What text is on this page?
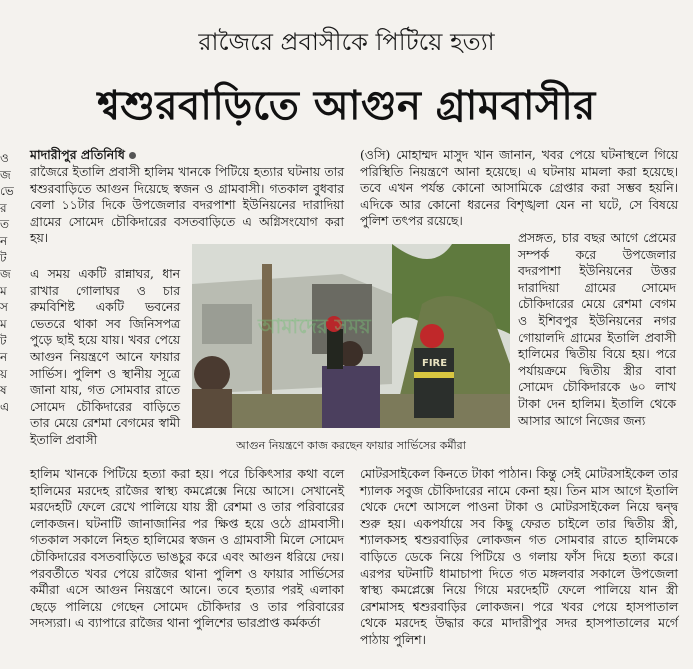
রাজৈরে প্রবাসীকে পিটিয়ে হত্যা
শ্বশুরবাড়িতে আগুন গ্রামবাসীর
মাদারীপুর প্রতিনিধি

রাজৈরে ইতালি প্রবাসী হালিম খানকে পিটিয়ে হত্যার ঘটনায় তার শ্বশুরবাড়িতে আগুন দিয়েছে স্বজন ও গ্রামবাসী। গতকাল বুধবার বেলা ১১টার দিকে উপজেলার বদরপাশা ইউনিয়নের দারাদিয়া গ্রামের সোমেদ চৌকিদারের বসতবাড়িতে এ অগ্নিসংযোগ করা হয়।

এ সময় একটি রান্নাঘর, ধান রাখার গোলাঘর ও চার রুমবিশিষ্ট একটি ভবনের ভেতরে থাকা সব জিনিসপত্র পুড়ে ছাই হয়ে যায়। খবর পেয়ে আগুন নিয়ন্ত্রণে আনে ফায়ার সার্ভিস। পুলিশ ও স্থানীয় সূত্রে জানা যায়, গত সোমবার রাতে সোমেদ চৌকিদারের বাড়িতে তার মেয়ে রেশমা বেগমের স্বামী ইতালি প্রবাসী

(ওসি) মোহাম্মদ মাসুদ খান জানান, খবর পেয়ে ঘটনাস্থলে গিয়ে পরিস্থিতি নিয়ন্ত্রণে আনা হয়েছে। এ ঘটনায় মামলা করা হয়েছে। তবে এখন পর্যন্ত কোনো আসামিকে গ্রেপ্তার করা সম্ভব হয়নি। এদিকে আর কোনো ধরনের বিশৃঙ্খলা যেন না ঘটে, সে বিষয়ে পুলিশ তৎপর রয়েছে।

প্রসঙ্গত, চার বছর আগে প্রেমের সম্পর্ক করে উপজেলার বদরপাশা ইউনিয়নের উত্তর দারাদিয়া গ্রামের সোমেদ চৌকিদারের মেয়ে রেশমা বেগম ও ইশিবপুর ইউনিয়নের নগর গোয়ালদি গ্রামের ইতালি প্রবাসী হালিমের দ্বিতীয় বিয়ে হয়। পরে পর্যায়ক্রমে দ্বিতীয় স্ত্রীর বাবা সোমেদ চৌকিদারকে ৬০ লাখ টাকা দেন হালিম। ইতালি থেকে আসার আগে নিজের জন্য

হালিম খানকে পিটিয়ে হত্যা করা হয়। পরে চিকিৎসার কথা বলে হালিমের মরদেহ রাজৈর স্বাস্থ্য কমপ্লেক্সে নিয়ে আসে। সেখানেই মরদেহটি ফেলে রেখে পালিয়ে যায় স্ত্রী রেশমা ও তার পরিবারের লোকজন। ঘটনাটি জানাজানির পর ক্ষিপ্ত হয়ে ওঠে গ্রামবাসী। গতকাল সকালে নিহত হালিমের স্বজন ও গ্রামবাসী মিলে সোমেদ চৌকিদারের বসতবাড়িতে ভাঙচুর করে এবং আগুন ধরিয়ে দেয়। পরবর্তীতে খবর পেয়ে রাজৈর থানা পুলিশ ও ফায়ার সার্ভিসের কর্মীরা এসে আগুন নিয়ন্ত্রণে আনে। তবে হত্যার পরই এলাকা ছেড়ে পালিয়ে গেছেন সোমেদ চৌকিদার ও তার পরিবারের সদস্যরা। এ ব্যাপারে রাজৈর থানা পুলিশের ভারপ্রাপ্ত কর্মকর্তা

মোটরসাইকেল কিনতে টাকা পাঠান। কিন্তু সেই মোটরসাইকেল তার শ্যালক সবুজ চৌকিদারের নামে কেনা হয়। তিন মাস আগে ইতালি থেকে দেশে আসলে পাওনা টাকা ও মোটরসাইকেল নিয়ে দ্বন্দ্ব শুরু হয়। একপর্যায়ে সব কিছু ফেরত চাইলে তার দ্বিতীয় স্ত্রী, শ্যালকসহ শ্বশুরবাড়ির লোকজন গত সোমবার রাতে হালিমকে বাড়িতে ডেকে নিয়ে পিটিয়ে ও গলায় ফাঁস দিয়ে হত্যা করে। এরপর ঘটনাটি ধামাচাপা দিতে গত মঙ্গলবার সকালে উপজেলা স্বাস্থ্য কমপ্লেক্সে নিয়ে গিয়ে মরদেহটি ফেলে পালিয়ে যান স্ত্রী রেশমাসহ শ্বশুরবাড়ির লোকজন। পরে খবর পেয়ে হাসপাতাল থেকে মরদেহ উদ্ধার করে মাদারীপুর সদর হাসপাতালের মর্গে পাঠায় পুলিশ।

ও
জ
ভে
র
ত
ন
ট
জ
ম
স
ম
ট
ন
য়
ষ
এ
FIRE
আমাদের সময়
আগুন নিয়ন্ত্রণে কাজ করছেন ফায়ার সার্ভিসের কর্মীরা
